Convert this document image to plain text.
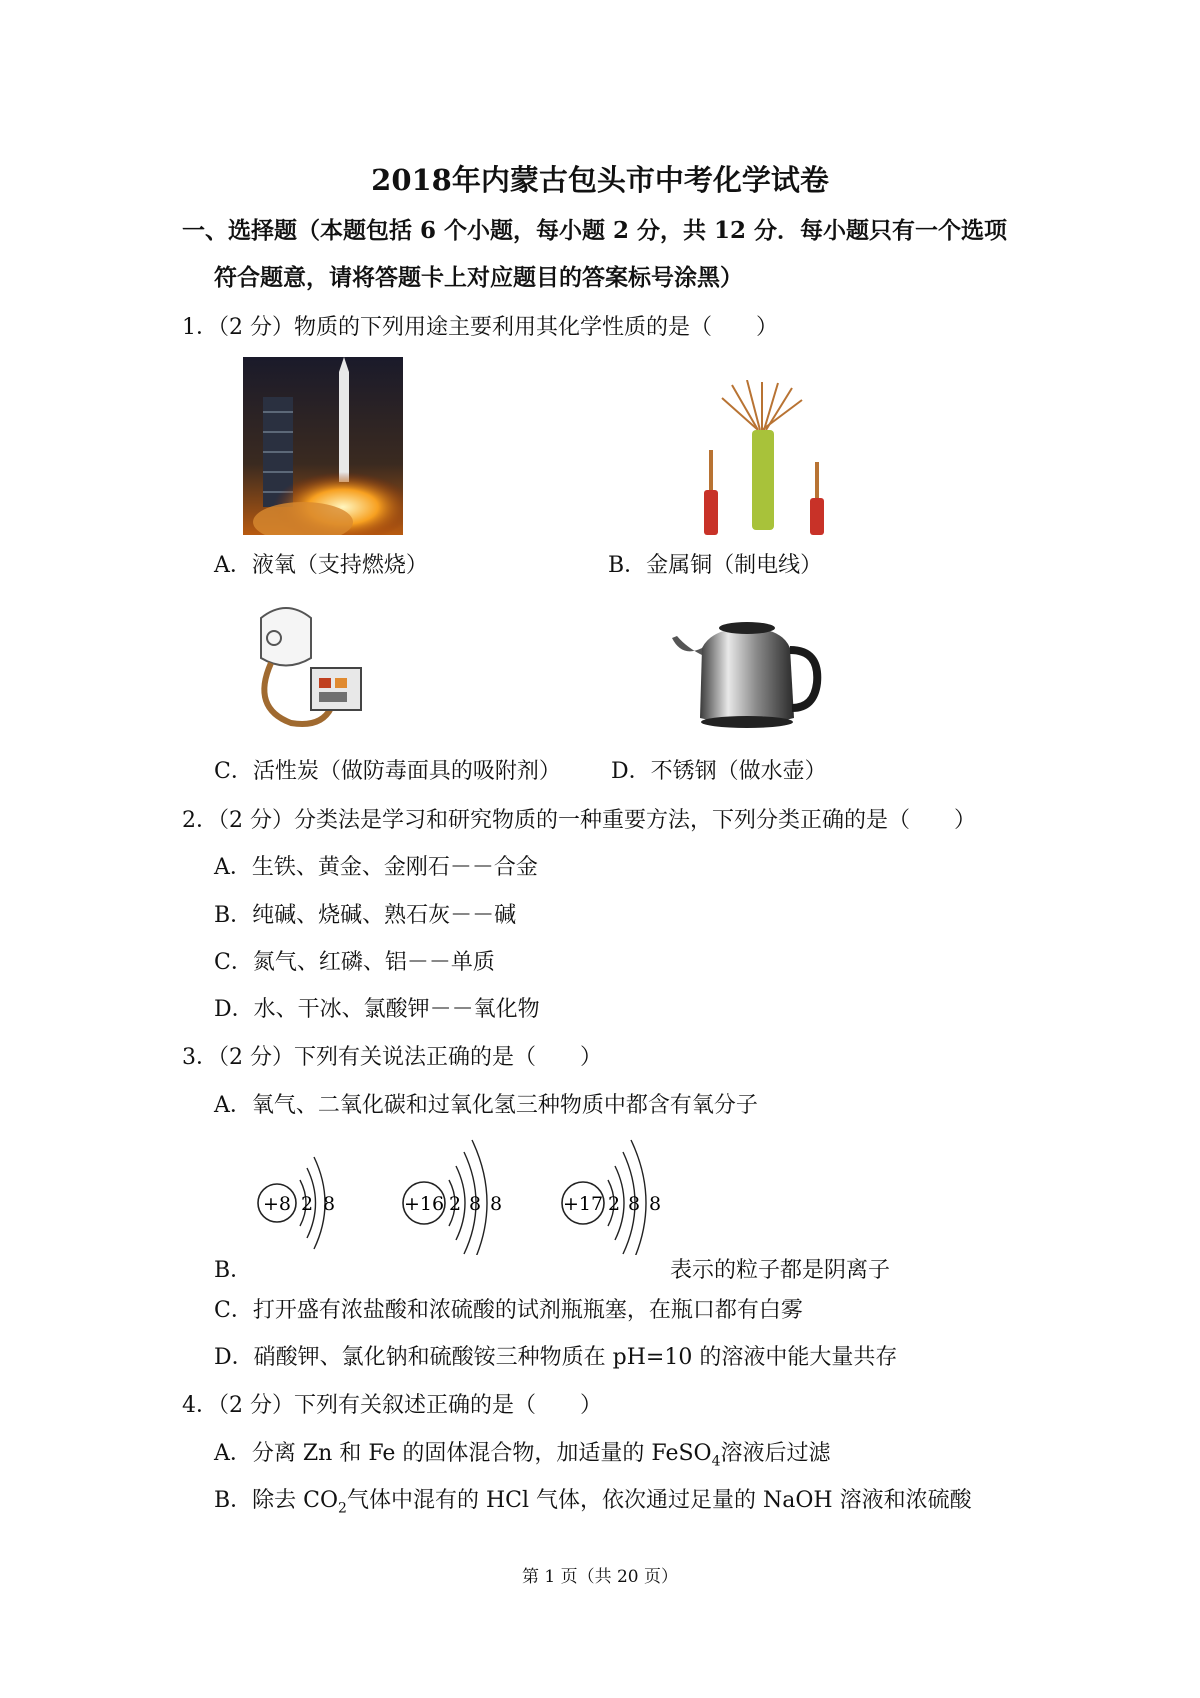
2018年内蒙古包头市中考化学试卷
一、选择题（本题包括 6 个小题，每小题 2 分，共 12 分．每小题只有一个选项
符合题意，请将答题卡上对应题目的答案标号涂黑）
1．（2 分）物质的下列用途主要利用其化学性质的是（　　）
A．液氧（支持燃烧）	B．金属铜（制电线）
C．活性炭（做防毒面具的吸附剂） D．不锈钢（做水壶）
2．（2 分）分类法是学习和研究物质的一种重要方法，下列分类正确的是（　　）
A．生铁、黄金、金刚石－－合金
B．纯碱、烧碱、熟石灰－－碱
C．氮气、红磷、铝－－单质
D．水、干冰、氯酸钾－－氧化物
3．（2 分）下列有关说法正确的是（　　）
A．氧气、二氧化碳和过氧化氢三种物质中都含有氧分子
+8 2 8	+16 2 8 8	+17 2 8 8
B．	表示的粒子都是阴离子
C．打开盛有浓盐酸和浓硫酸的试剂瓶瓶塞，在瓶口都有白雾
D．硝酸钾、氯化钠和硫酸铵三种物质在 pH=10 的溶液中能大量共存
4．（2 分）下列有关叙述正确的是（　　）
A．分离 Zn 和 Fe 的固体混合物，加适量的 FeSO$_4$溶液后过滤
B．除去 $CO_2$气体中混有的 HCl 气体，依次通过足量的 NaOH 溶液和浓硫酸
第 1 页（共 20 页）
